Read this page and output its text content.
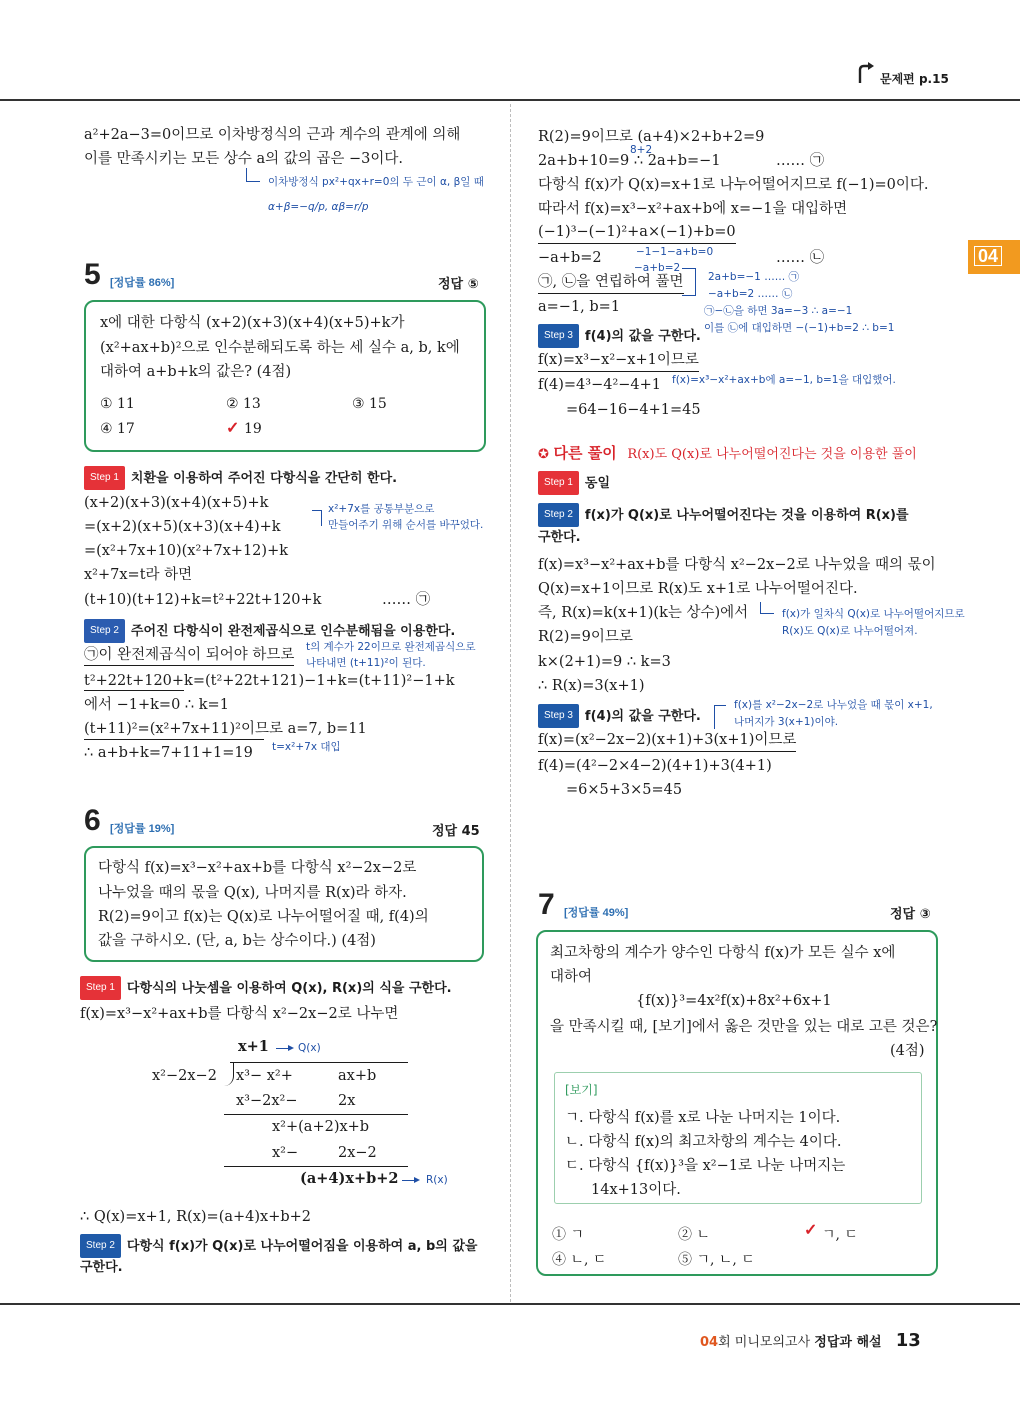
문제편 p.15
04
a²+2a−3=0이므로 이차방정식의 근과 계수의 관계에 의해
이를 만족시키는 모든 상수 a의 값의 곱은 −3이다.
이차방정식 px²+qx+r=0의 두 근이 α, β일 때
α+β=−q/p, αβ=r/p
5 [정답률 86%]	정답 ⑤
x에 대한 다항식 (x+2)(x+3)(x+4)(x+5)+k가
(x²+ax+b)²으로 인수분해되도록 하는 세 실수 a, b, k에
대하여 a+b+k의 값은? (4점)
① 11	② 13	③ 15
④ 17	✓ 19
Step 1 치환을 이용하여 주어진 다항식을 간단히 한다.
(x+2)(x+3)(x+4)(x+5)+k
=(x+2)(x+5)(x+3)(x+4)+k
=(x²+7x+10)(x²+7x+12)+k
x²+7x=t라 하면
(t+10)(t+12)+k=t²+22t+120+k	…… ㉠
x²+7x를 공통부분으로
만들어주기 위해 순서를 바꾸었다.
Step 2 주어진 다항식이 완전제곱식으로 인수분해됨을 이용한다.
㉠이 완전제곱식이 되어야 하므로 t의 계수가 22이므로 완전제곱식으로
나타내면 (t+11)²이 된다.
t²+22t+120+k=(t²+22t+121)−1+k=(t+11)²−1+k
에서 −1+k=0 ∴ k=1
(t+11)²=(x²+7x+11)²이므로 a=7, b=11
∴ a+b+k=7+11+1=19 t=x²+7x 대입
6 [정답률 19%]	정답 45
다항식 f(x)=x³−x²+ax+b를 다항식 x²−2x−2로
나누었을 때의 몫을 Q(x), 나머지를 R(x)라 하자.
R(2)=9이고 f(x)는 Q(x)로 나누어떨어질 때, f(4)의
값을 구하시오. (단, a, b는 상수이다.) (4점)
Step 1 다항식의 나눗셈을 이용하여 Q(x), R(x)의 식을 구한다.
f(x)=x³−x²+ax+b를 다항식 x²−2x−2로 나누면
x+1	Q(x)
x²−2x−2 x³− x²+	ax+b
x³−2x²−	2x
x²+(a+2)x+b
x²−	2x−2
(a+4)x+b+2	R(x)
∴ Q(x)=x+1, R(x)=(a+4)x+b+2
Step 2 다항식 f(x)가 Q(x)로 나누어떨어짐을 이용하여 a, b의 값을
구한다.
8+2
R(2)=9이므로 (a+4)×2+b+2=9
2a+b+10=9 ∴ 2a+b=−1	…… ㉠
다항식 f(x)가 Q(x)=x+1로 나누어떨어지므로 f(−1)=0이다.
따라서 f(x)=x³−x²+ax+b에 x=−1을 대입하면
(−1)³−(−1)²+a×(−1)+b=0
−1−1−a+b=0
−a+b=2	…… ㉡
−a+b=2
㉠, ㉡을 연립하여 풀면
a=−1, b=1
2a+b=−1 …… ㉠
−a+b=2 …… ㉡
㉠−㉡을 하면 3a=−3 ∴ a=−1
이를 ㉡에 대입하면 −(−1)+b=2 ∴ b=1
Step 3 f(4)의 값을 구한다.
f(x)=x³−x²−x+1이므로
f(4)=4³−4²−4+1 f(x)=x³−x²+ax+b에 a=−1, b=1을 대입했어.
=64−16−4+1=45
✪ 다른 풀이 R(x)도 Q(x)로 나누어떨어진다는 것을 이용한 풀이
Step 1 동일
Step 2 f(x)가 Q(x)로 나누어떨어진다는 것을 이용하여 R(x)를
구한다.
f(x)=x³−x²+ax+b를 다항식 x²−2x−2로 나누었을 때의 몫이
Q(x)=x+1이므로 R(x)도 x+1로 나누어떨어진다.
즉, R(x)=k(x+1)(k는 상수)에서	f(x)가 일차식 Q(x)로 나누어떨어지므로
R(x)도 Q(x)로 나누어떨어져.
R(2)=9이므로
k×(2+1)=9 ∴ k=3
∴ R(x)=3(x+1)
Step 3 f(4)의 값을 구한다.
f(x)를 x²−2x−2로 나누었을 때 몫이 x+1,
나머지가 3(x+1)이야.
f(x)=(x²−2x−2)(x+1)+3(x+1)이므로
f(4)=(4²−2×4−2)(4+1)+3(4+1)
=6×5+3×5=45
7 [정답률 49%]	정답 ③
최고차항의 계수가 양수인 다항식 f(x)가 모든 실수 x에
대하여
{f(x)}³=4x²f(x)+8x²+6x+1
을 만족시킬 때, [보기]에서 옳은 것만을 있는 대로 고른 것은?
(4점)
[보기]
ㄱ. 다항식 f(x)를 x로 나눈 나머지는 1이다.
ㄴ. 다항식 f(x)의 최고차항의 계수는 4이다.
ㄷ. 다항식 {f(x)}³을 x²−1로 나눈 나머지는
14x+13이다.
① ㄱ	② ㄴ	✓ ㄱ, ㄷ
④ ㄴ, ㄷ	⑤ ㄱ, ㄴ, ㄷ
04회 미니모의고사 정답과 해설 13
